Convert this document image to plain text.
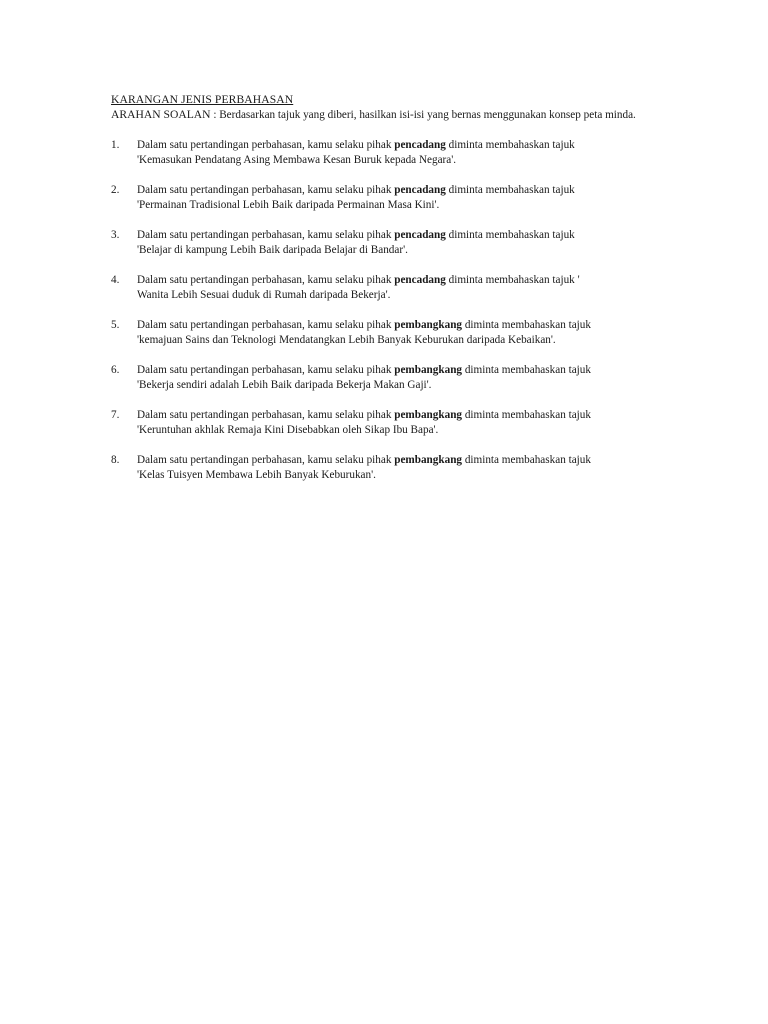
KARANGAN JENIS PERBAHASAN
ARAHAN SOALAN : Berdasarkan tajuk yang diberi, hasilkan isi-isi yang bernas menggunakan konsep peta minda.
1.	Dalam satu pertandingan perbahasan, kamu selaku pihak pencadang diminta membahaskan tajuk
'Kemasukan Pendatang Asing Membawa Kesan Buruk kepada Negara'.
2.	Dalam satu pertandingan perbahasan, kamu selaku pihak pencadang diminta membahaskan tajuk
'Permainan Tradisional Lebih Baik daripada Permainan Masa Kini'.
3.	Dalam satu pertandingan perbahasan, kamu selaku pihak pencadang diminta membahaskan tajuk
'Belajar di kampung Lebih Baik daripada Belajar di Bandar'.
4.	Dalam satu pertandingan perbahasan, kamu selaku pihak pencadang diminta membahaskan tajuk '
Wanita Lebih Sesuai duduk di Rumah daripada Bekerja'.
5.	Dalam satu pertandingan perbahasan, kamu selaku pihak pembangkang diminta membahaskan tajuk
'kemajuan Sains dan Teknologi Mendatangkan Lebih Banyak Keburukan daripada Kebaikan'.
6.	Dalam satu pertandingan perbahasan, kamu selaku pihak pembangkang diminta membahaskan tajuk
'Bekerja sendiri adalah Lebih Baik daripada Bekerja Makan Gaji'.
7.	Dalam satu pertandingan perbahasan, kamu selaku pihak pembangkang diminta membahaskan tajuk
'Keruntuhan akhlak Remaja Kini Disebabkan oleh Sikap Ibu Bapa'.
8.	Dalam satu pertandingan perbahasan, kamu selaku pihak pembangkang diminta membahaskan tajuk
'Kelas Tuisyen Membawa Lebih Banyak Keburukan'.
